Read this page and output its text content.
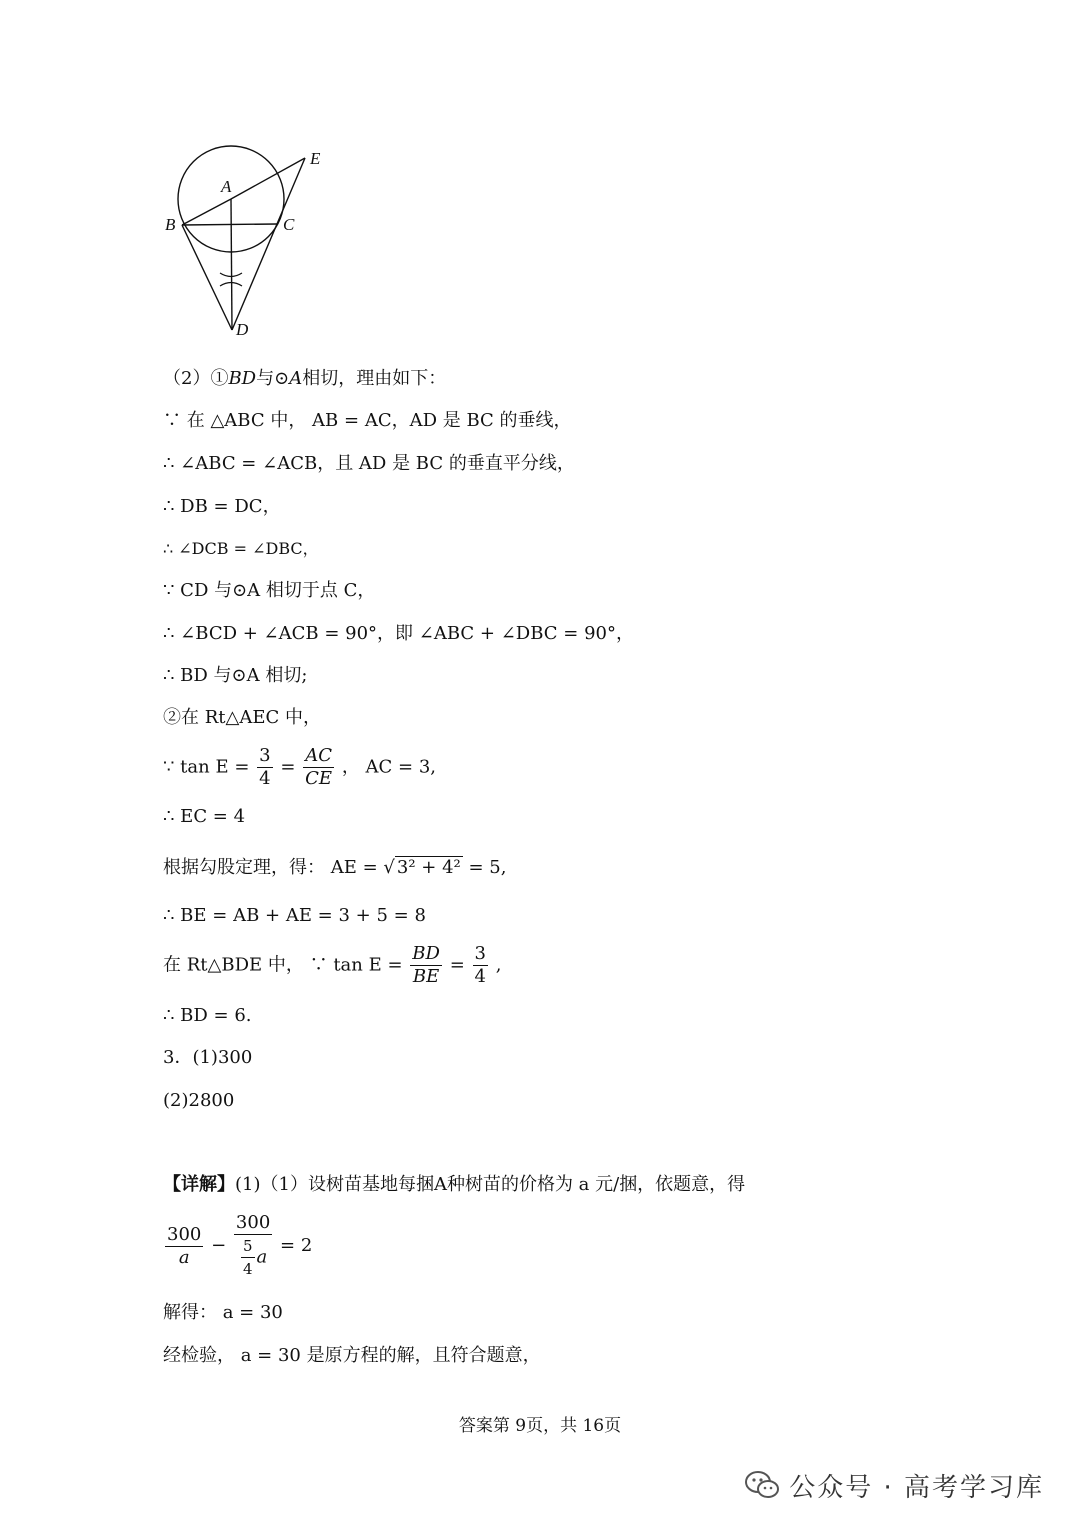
E
A
B	C
D
（2）①BD与⊙A相切，理由如下：
∵ 在 △ABC 中， AB = AC，AD 是 BC 的垂线，
∴ ∠ABC = ∠ACB，且 AD 是 BC 的垂直平分线，
∴ DB = DC，
∴ ∠DCB = ∠DBC，
∵ CD 与⊙A 相切于点 C，
∴ ∠BCD + ∠ACB = 90°，即 ∠ABC + ∠DBC = 90°，
∴ BD 与⊙A 相切;
②在 Rt△AEC 中，
∵ $\tan E = \frac{3}{4} = \frac{AC}{CE}$ ， AC = 3,
∴ EC = 4
根据勾股定理，得： AE = √ 3² + 4² = 5,
∴ BE = AB + AE = 3 + 5 = 8
在 Rt△BDE 中， ∵ $\tan E = \frac{BD}{BE} = \frac{3}{4}$ ,
∴ BD = 6.
3．(1)300
(2)2800
【详解】(1)（1）设树苗基地每捆A种树苗的价格为 a 元/捆，依题意，得
$\frac{300}{a} - \frac{300}{\frac{5}{4} a} = 2$
解得： a = 30
经检验， a = 30 是原方程的解，且符合题意，
答案第 9页，共 16页
公众号 · 高考学习库
